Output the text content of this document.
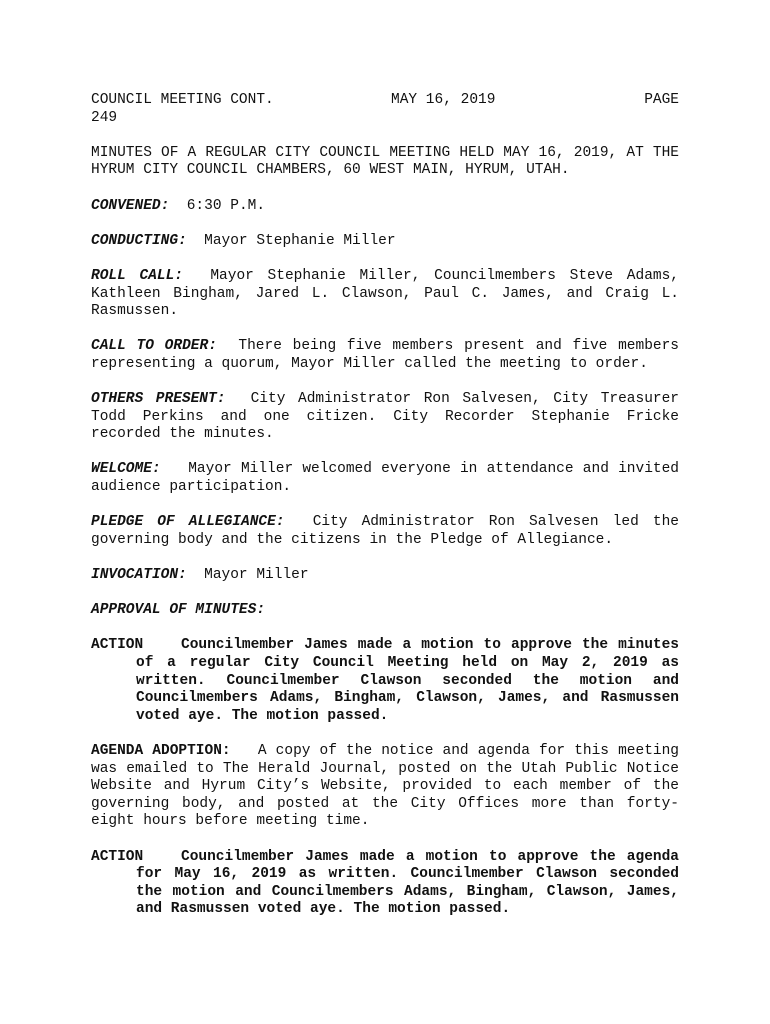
COUNCIL MEETING CONT.	MAY 16, 2019	PAGE
249

MINUTES OF A REGULAR CITY COUNCIL MEETING HELD MAY 16, 2019, AT THE HYRUM CITY COUNCIL CHAMBERS, 60 WEST MAIN, HYRUM, UTAH.

CONVENED: 6:30 P.M.

CONDUCTING: Mayor Stephanie Miller

ROLL CALL: Mayor Stephanie Miller, Councilmembers Steve Adams, Kathleen Bingham, Jared L. Clawson, Paul C. James, and Craig L. Rasmussen.

CALL TO ORDER: There being five members present and five members representing a quorum, Mayor Miller called the meeting to order.

OTHERS PRESENT: City Administrator Ron Salvesen, City Treasurer Todd Perkins and one citizen. City Recorder Stephanie Fricke recorded the minutes.

WELCOME: Mayor Miller welcomed everyone in attendance and invited audience participation.

PLEDGE OF ALLEGIANCE: City Administrator Ron Salvesen led the governing body and the citizens in the Pledge of Allegiance.

INVOCATION: Mayor Miller

APPROVAL OF MINUTES:

ACTION	Councilmember James made a motion to approve the minutes of a regular City Council Meeting held on May 2, 2019 as written. Councilmember Clawson seconded the motion and Councilmembers Adams, Bingham, Clawson, James, and Rasmussen voted aye. The motion passed.

AGENDA ADOPTION: A copy of the notice and agenda for this meeting was emailed to The Herald Journal, posted on the Utah Public Notice Website and Hyrum City’s Website, provided to each member of the governing body, and posted at the City Offices more than forty-eight hours before meeting time.

ACTION	Councilmember James made a motion to approve the agenda for May 16, 2019 as written. Councilmember Clawson seconded the motion and Councilmembers Adams, Bingham, Clawson, James, and Rasmussen voted aye. The motion passed.
